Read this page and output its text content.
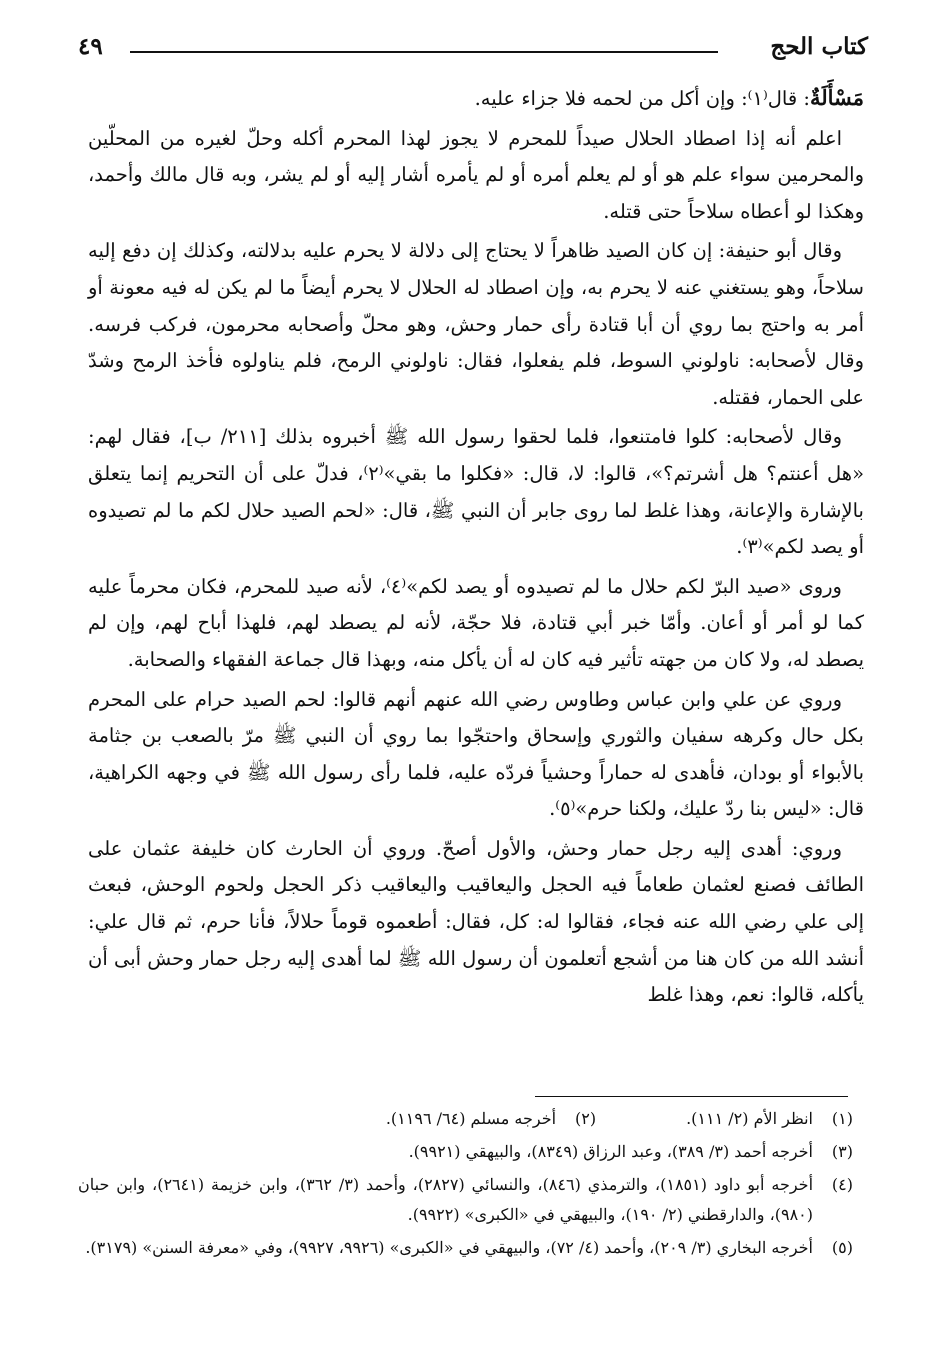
كتاب الحج
٤٩

مَسْأَلَةٌ: قال⁽١⁾: وإن أكل من لحمه فلا جزاء عليه.

اعلم أنه إذا اصطاد الحلال صيداً للمحرم لا يجوز لهذا المحرم أكله وحلّ لغيره من المحلّين والمحرمين سواء علم هو أو لم يعلم أمره أو لم يأمره أشار إليه أو لم يشر، وبه قال مالك وأحمد، وهكذا لو أعطاه سلاحاً حتى قتله.

وقال أبو حنيفة: إن كان الصيد ظاهراً لا يحتاج إلى دلالة لا يحرم عليه بدلالته، وكذلك إن دفع إليه سلاحاً، وهو يستغني عنه لا يحرم به، وإن اصطاد له الحلال لا يحرم أيضاً ما لم يكن له فيه معونة أو أمر به واحتج بما روي أن أبا قتادة رأى حمار وحش، وهو محلّ وأصحابه محرمون، فركب فرسه. وقال لأصحابه: ناولوني السوط، فلم يفعلوا، فقال: ناولوني الرمح، فلم يناولوه فأخذ الرمح وشدّ على الحمار، فقتله.

وقال لأصحابه: كلوا فامتنعوا، فلما لحقوا رسول الله ﷺ أخبروه بذلك [٢١١/ ب]، فقال لهم: «هل أعنتم؟ هل أشرتم؟»، قالوا: لا، قال: «فكلوا ما بقي»⁽٢⁾، فدلّ على أن التحريم إنما يتعلق بالإشارة والإعانة، وهذا غلط لما روى جابر أن النبي ﷺ، قال: «لحم الصيد حلال لكم ما لم تصيدوه أو يصد لكم»⁽٣⁾.

وروى «صيد البرّ لكم حلال ما لم تصيدوه أو يصد لكم»⁽٤⁾، لأنه صيد للمحرم، فكان محرماً عليه كما لو أمر أو أعان. وأمّا خبر أبي قتادة، فلا حجّة، لأنه لم يصطد لهم، فلهذا أباح لهم، وإن لم يصطد له، ولا كان من جهته تأثير فيه كان له أن يأكل منه، وبهذا قال جماعة الفقهاء والصحابة.

وروي عن علي وابن عباس وطاوس رضي الله عنهم أنهم قالوا: لحم الصيد حرام على المحرم بكل حال وكرهه سفيان والثوري وإسحاق واحتجّوا بما روي أن النبي ﷺ مرّ بالصعب بن جثامة بالأبواء أو بودان، فأهدى له حماراً وحشياً فردّه عليه، فلما رأى رسول الله ﷺ في وجهه الكراهية، قال: «ليس بنا ردّ عليك، ولكنا حرم»⁽٥⁾.

وروي: أهدى إليه رجل حمار وحش، والأول أصحّ. وروي أن الحارث كان خليفة عثمان على الطائف فصنع لعثمان طعاماً فيه الحجل واليعاقيب واليعاقيب ذكر الحجل ولحوم الوحش، فبعث إلى علي رضي الله عنه فجاء، فقالوا له: كل، فقال: أطعموه قوماً حلالاً، فأنا حرم، ثم قال علي: أنشد الله من كان هنا من أشجع أتعلمون أن رسول الله ﷺ لما أهدى إليه رجل حمار وحش أبى أن يأكله، قالوا: نعم، وهذا غلط

(١)
انظر الأم (٢/ ١١١).
(٢)
أخرجه مسلم (٦٤/ ١١٩٦).
(٣)
أخرجه أحمد (٣/ ٣٨٩)، وعبد الرزاق (٨٣٤٩)، والبيهقي (٩٩٢١).
(٤)
أخرجه أبو داود (١٨٥١)، والترمذي (٨٤٦)، والنسائي (٢٨٢٧)، وأحمد (٣/ ٣٦٢)، وابن خزيمة (٢٦٤١)، وابن حبان (٩٨٠)، والدارقطني (٢/ ١٩٠)، والبيهقي في «الكبرى» (٩٩٢٢).
(٥)
أخرجه البخاري (٣/ ٢٠٩)، وأحمد (٤/ ٧٢)، والبيهقي في «الكبرى» (٩٩٢٦، ٩٩٢٧)، وفي «معرفة السنن» (٣١٧٩).
